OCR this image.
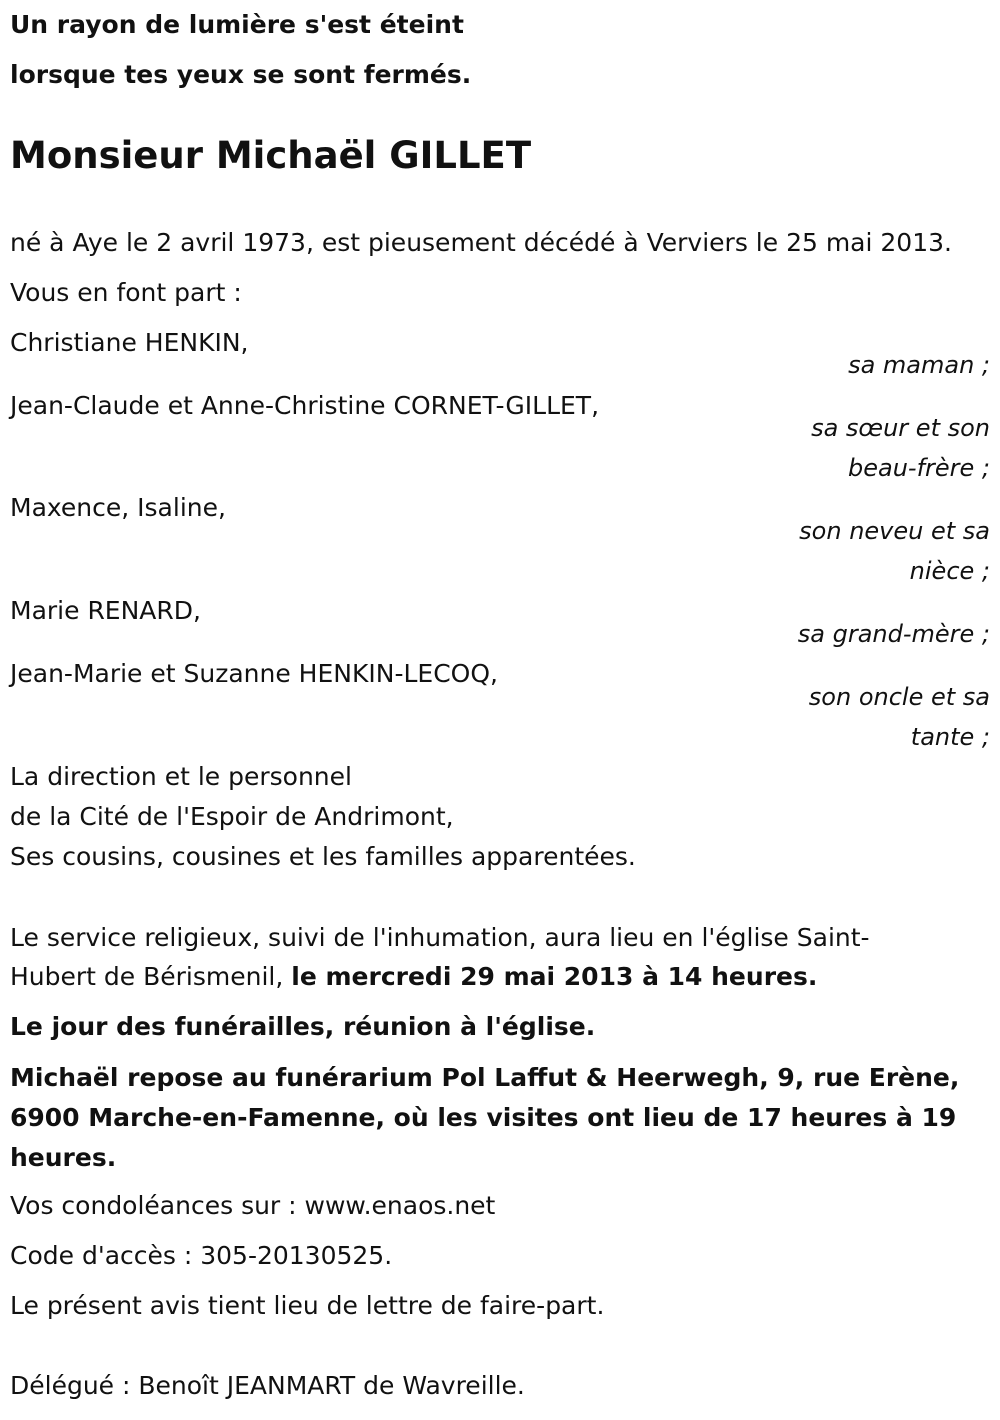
Un rayon de lumière s'est éteint
lorsque tes yeux se sont fermés.
Monsieur Michaël GILLET
né à Aye le 2 avril 1973, est pieusement décédé à Verviers le 25 mai 2013.
Vous en font part :
Christiane HENKIN,
sa maman ;
Jean-Claude et Anne-Christine CORNET-GILLET,
sa sœur et son
beau-frère ;
Maxence, Isaline,
son neveu et sa
nièce ;
Marie RENARD,
sa grand-mère ;
Jean-Marie et Suzanne HENKIN-LECOQ,
son oncle et sa
tante ;
La direction et le personnel
de la Cité de l'Espoir de Andrimont,
Ses cousins, cousines et les familles apparentées.
Le service religieux, suivi de l'inhumation, aura lieu en l'église Saint-
Hubert de Bérismenil, le mercredi 29 mai 2013 à 14 heures.
Le jour des funérailles, réunion à l'église.
Michaël repose au funérarium Pol Laffut & Heerwegh, 9, rue Erène,
6900 Marche-en-Famenne, où les visites ont lieu de 17 heures à 19
heures.
Vos condoléances sur : www.enaos.net
Code d'accès : 305-20130525.
Le présent avis tient lieu de lettre de faire-part.
Délégué : Benoît JEANMART de Wavreille.
